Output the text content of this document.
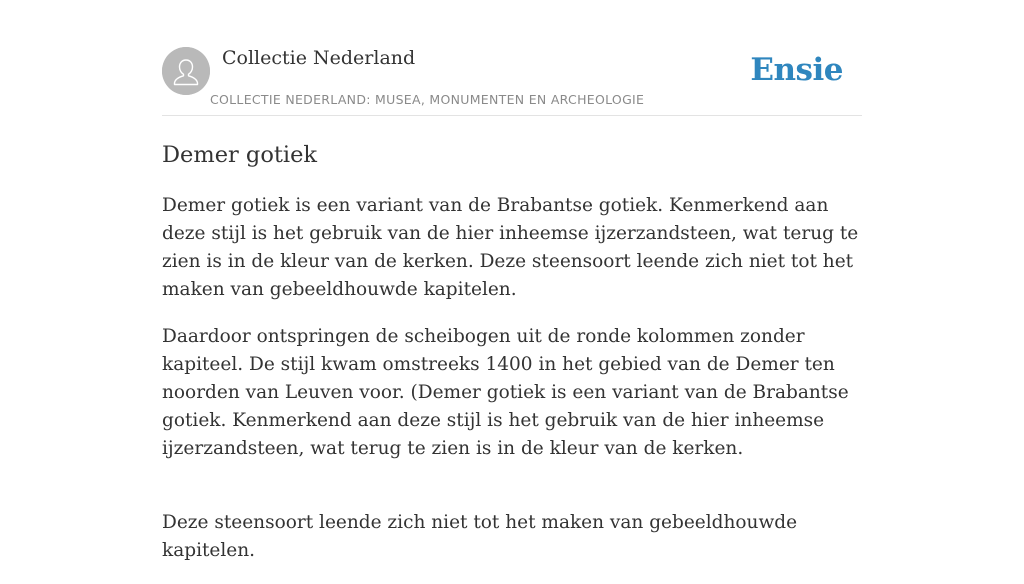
Collectie Nederland
COLLECTIE NEDERLAND: MUSEA, MONUMENTEN EN ARCHEOLOGIE
Ensie
Demer gotiek

Demer gotiek is een variant van de Brabantse gotiek. Kenmerkend aan deze stijl is het gebruik van de hier inheemse ijzerzandsteen, wat terug te zien is in de kleur van de kerken. Deze steensoort leende zich niet tot het maken van gebeeldhouwde kapitelen.

Daardoor ontspringen de scheibogen uit de ronde kolommen zonder kapiteel. De stijl kwam omstreeks 1400 in het gebied van de Demer ten noorden van Leuven voor. (Demer gotiek is een variant van de Brabantse gotiek. Kenmerkend aan deze stijl is het gebruik van de hier inheemse ijzerzandsteen, wat terug te zien is in de kleur van de kerken.

Deze steensoort leende zich niet tot het maken van gebeeldhouwde kapitelen.
